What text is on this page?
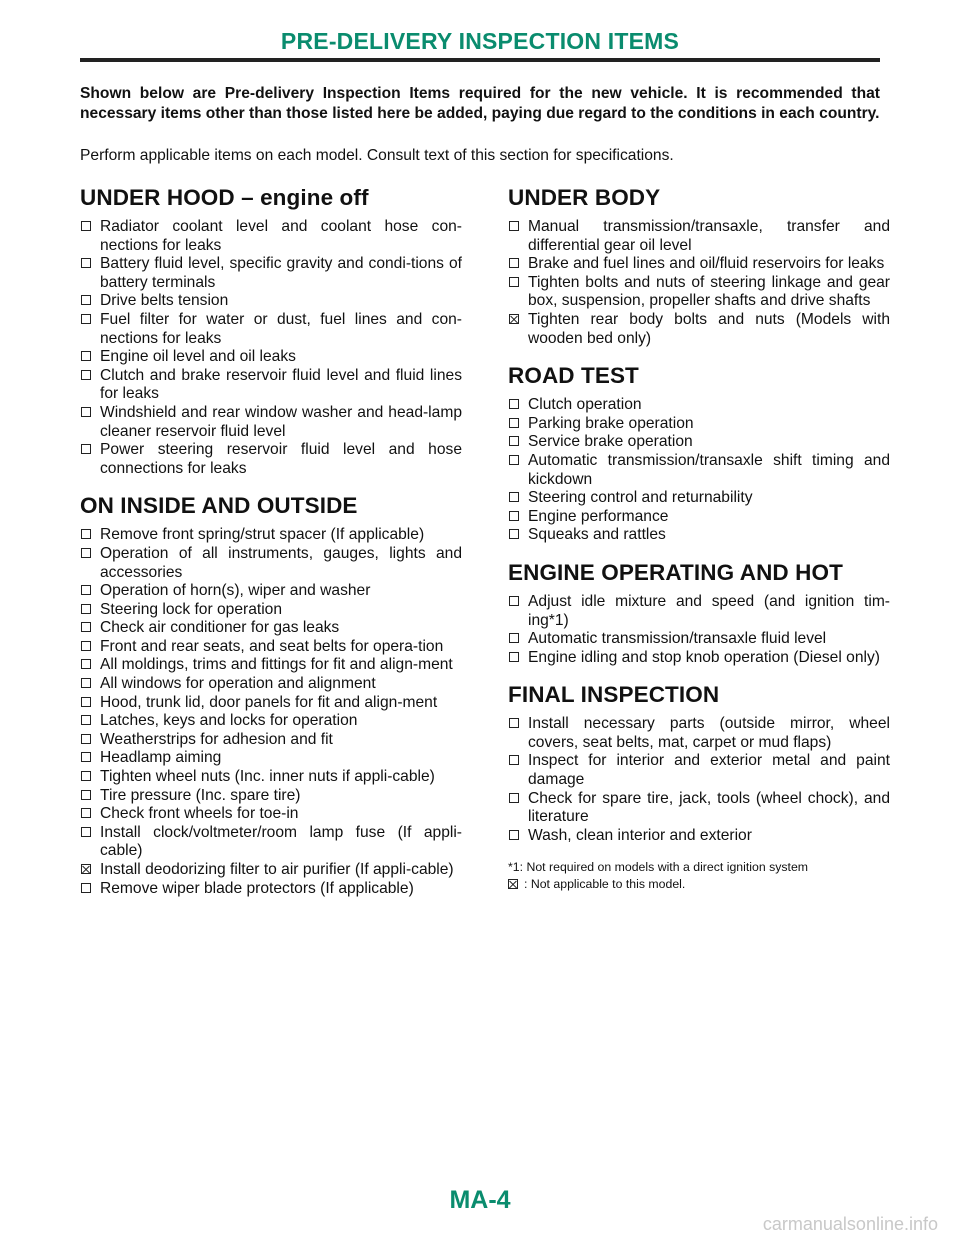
PRE-DELIVERY INSPECTION ITEMS
Shown below are Pre-delivery Inspection Items required for the new vehicle. It is recommended that necessary items other than those listed here be added, paying due regard to the conditions in each country.
Perform applicable items on each model. Consult text of this section for specifications.
UNDER HOOD – engine off
Radiator coolant level and coolant hose con-nections for leaks
Battery fluid level, specific gravity and condi-tions of battery terminals
Drive belts tension
Fuel filter for water or dust, fuel lines and con-nections for leaks
Engine oil level and oil leaks
Clutch and brake reservoir fluid level and fluid lines for leaks
Windshield and rear window washer and head-lamp cleaner reservoir fluid level
Power steering reservoir fluid level and hose connections for leaks
ON INSIDE AND OUTSIDE
Remove front spring/strut spacer (If applicable)
Operation of all instruments, gauges, lights and accessories
Operation of horn(s), wiper and washer
Steering lock for operation
Check air conditioner for gas leaks
Front and rear seats, and seat belts for opera-tion
All moldings, trims and fittings for fit and align-ment
All windows for operation and alignment
Hood, trunk lid, door panels for fit and align-ment
Latches, keys and locks for operation
Weatherstrips for adhesion and fit
Headlamp aiming
Tighten wheel nuts (Inc. inner nuts if appli-cable)
Tire pressure (Inc. spare tire)
Check front wheels for toe-in
Install clock/voltmeter/room lamp fuse (If appli-cable)
Install deodorizing filter to air purifier (If appli-cable)
Remove wiper blade protectors (If applicable)
UNDER BODY
Manual transmission/transaxle, transfer and differential gear oil level
Brake and fuel lines and oil/fluid reservoirs for leaks
Tighten bolts and nuts of steering linkage and gear box, suspension, propeller shafts and drive shafts
Tighten rear body bolts and nuts (Models with wooden bed only)
ROAD TEST
Clutch operation
Parking brake operation
Service brake operation
Automatic transmission/transaxle shift timing and kickdown
Steering control and returnability
Engine performance
Squeaks and rattles
ENGINE OPERATING AND HOT
Adjust idle mixture and speed (and ignition tim-ing*1)
Automatic transmission/transaxle fluid level
Engine idling and stop knob operation (Diesel only)
FINAL INSPECTION
Install necessary parts (outside mirror, wheel covers, seat belts, mat, carpet or mud flaps)
Inspect for interior and exterior metal and paint damage
Check for spare tire, jack, tools (wheel chock), and literature
Wash, clean interior and exterior
*1: Not required on models with a direct ignition system
: Not applicable to this model.
MA-4
carmanualsonline.info
